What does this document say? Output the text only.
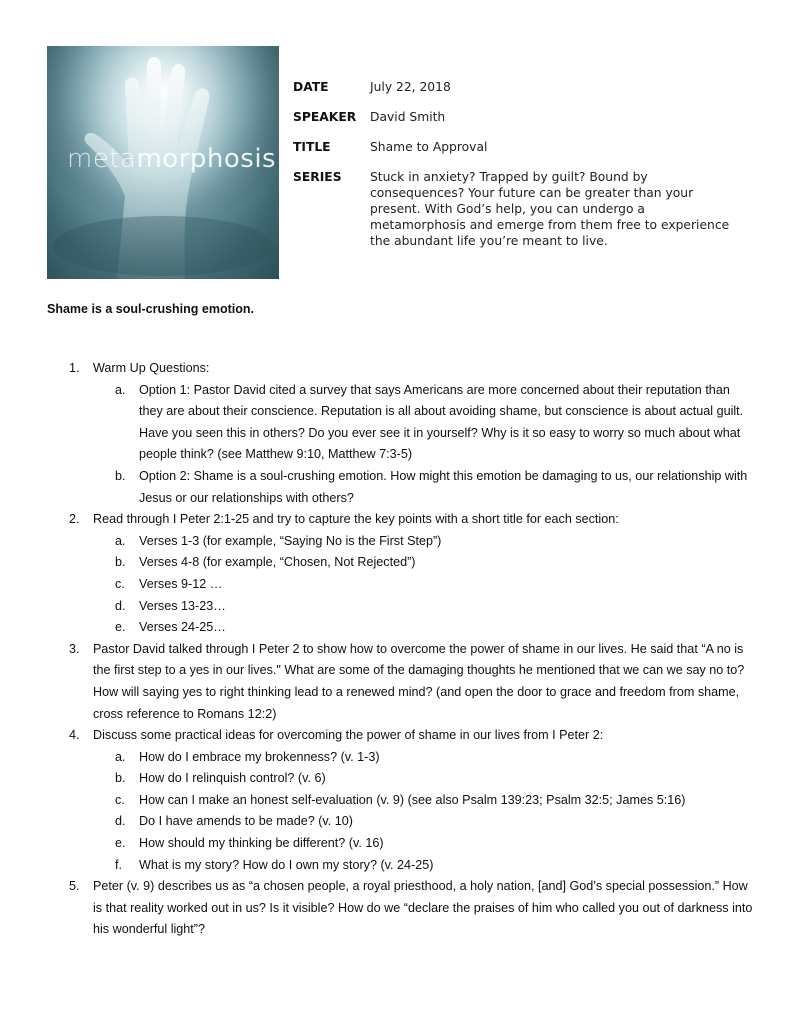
metamorphosis
DATE	July 22, 2018
SPEAKER	David Smith
TITLE	Shame to Approval
SERIES	Stuck in anxiety? Trapped by guilt? Bound by consequences? Your future can be greater than your present. With God’s help, you can undergo a metamorphosis and emerge from them free to experience the abundant life you’re meant to live.
Shame is a soul-crushing emotion.
1. Warm Up Questions:
a. Option 1: Pastor David cited a survey that says Americans are more concerned about their reputation than they are about their conscience. Reputation is all about avoiding shame, but conscience is about actual guilt. Have you seen this in others? Do you ever see it in yourself? Why is it so easy to worry so much about what people think? (see Matthew 9:10, Matthew 7:3-5)
b. Option 2: Shame is a soul-crushing emotion. How might this emotion be damaging to us, our relationship with Jesus or our relationships with others?
2. Read through I Peter 2:1-25 and try to capture the key points with a short title for each section:
a. Verses 1-3 (for example, “Saying No is the First Step”)
b. Verses 4-8 (for example, “Chosen, Not Rejected”)
c. Verses 9-12 …
d. Verses 13-23…
e. Verses 24-25…
3. Pastor David talked through I Peter 2 to show how to overcome the power of shame in our lives. He said that “A no is the first step to a yes in our lives." What are some of the damaging thoughts he mentioned that we can we say no to? How will saying yes to right thinking lead to a renewed mind? (and open the door to grace and freedom from shame, cross reference to Romans 12:2)
4. Discuss some practical ideas for overcoming the power of shame in our lives from I Peter 2:
a. How do I embrace my brokenness? (v. 1-3)
b. How do I relinquish control? (v. 6)
c. How can I make an honest self-evaluation (v. 9) (see also Psalm 139:23; Psalm 32:5; James 5:16)
d. Do I have amends to be made? (v. 10)
e. How should my thinking be different? (v. 16)
f. What is my story? How do I own my story? (v. 24-25)
5. Peter (v. 9) describes us as “a chosen people, a royal priesthood, a holy nation, [and] God’s special possession.” How is that reality worked out in us? Is it visible? How do we “declare the praises of him who called you out of darkness into his wonderful light”?
